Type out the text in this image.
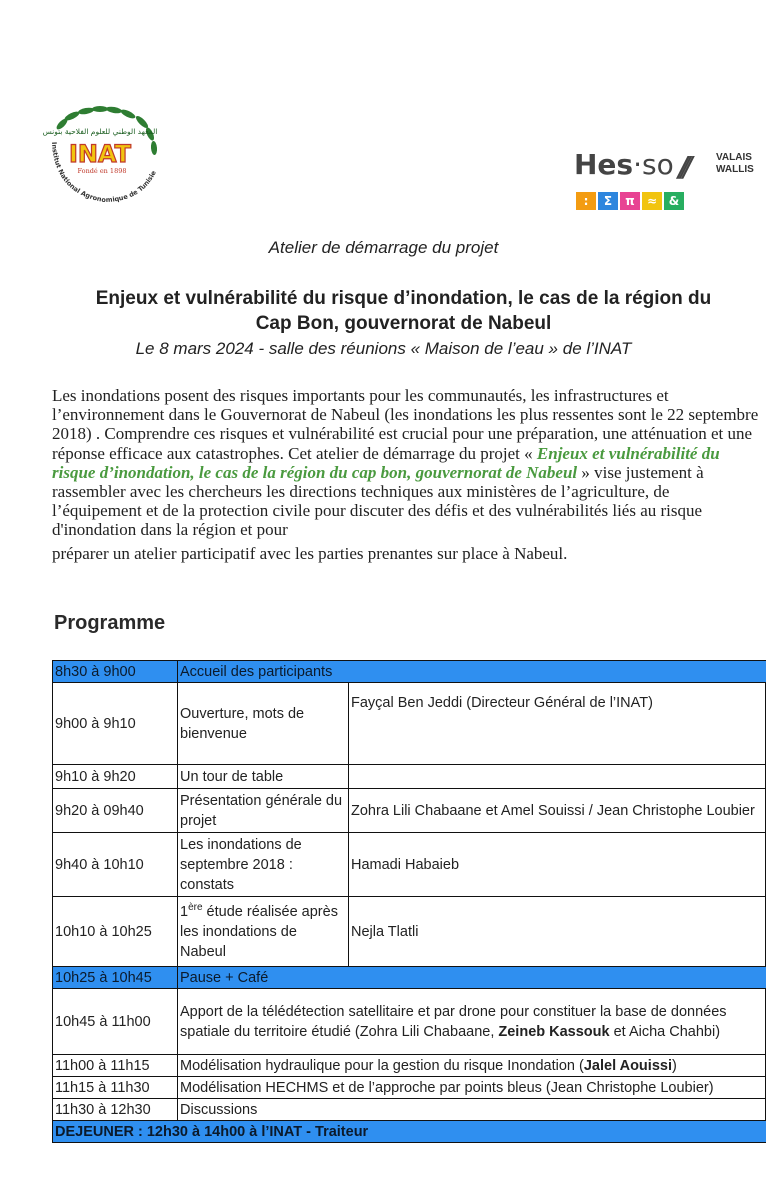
المعهد الوطني للعلوم الفلاحية بتونس
INAT
Fondé en 1898
Institut National Agronomique de Tunisie	Hes·so ///	VALAIS
WALLIS
:	Σ	π	≈ &
Atelier de démarrage du projet
Enjeux et vulnérabilité du risque d’inondation, le cas de la région du
Cap Bon, gouvernorat de Nabeul
Le 8 mars 2024 - salle des réunions « Maison de l’eau » de l’INAT
Les inondations posent des risques importants pour les communautés, les infrastructures et l’environnement dans le Gouvernorat de Nabeul (les inondations les plus ressentes sont le 22 septembre 2018) . Comprendre ces risques et vulnérabilité est crucial pour une préparation, une atténuation et une réponse efficace aux catastrophes. Cet atelier de démarrage du projet « Enjeux et vulnérabilité du risque d’inondation, le cas de la région du cap bon, gouvernorat de Nabeul » vise justement à rassembler avec les chercheurs les directions techniques aux ministères de l’agriculture, de l’équipement et de la protection civile pour discuter des défis et des vulnérabilités liés au risque d'inondation dans la région et pour
préparer un atelier participatif avec les parties prenantes sur place à Nabeul.
Programme
8h30 à 9h00	Accueil des participants	
9h00 à 9h10	Ouverture, mots de bienvenue	Fayçal Ben Jeddi (Directeur Général de l’INAT)
9h10 à 9h20	Un tour de table	
9h20 à 09h40	Présentation générale du projet	Zohra Lili Chabaane et Amel Souissi / Jean Christophe Loubier
9h40 à 10h10	Les inondations de septembre 2018 : constats	Hamadi Habaieb
10h10 à 10h25	1ère étude réalisée après les inondations de Nabeul	Nejla Tlatli
10h25 à 10h45	Pause + Café	
10h45 à 11h00	Apport de la télédétection satellitaire et par drone pour constituer la base de données spatiale du territoire étudié (Zohra Lili Chabaane, Zeineb Kassouk et Aicha Chahbi)	
11h00 à 11h15	Modélisation hydraulique pour la gestion du risque Inondation (Jalel Aouissi)	
11h15 à 11h30	Modélisation HECHMS et de l’approche par points bleus (Jean Christophe Loubier)	
11h30 à 12h30	Discussions	
DEJEUNER : 12h30 à 14h00 à l’INAT - Traiteur		
